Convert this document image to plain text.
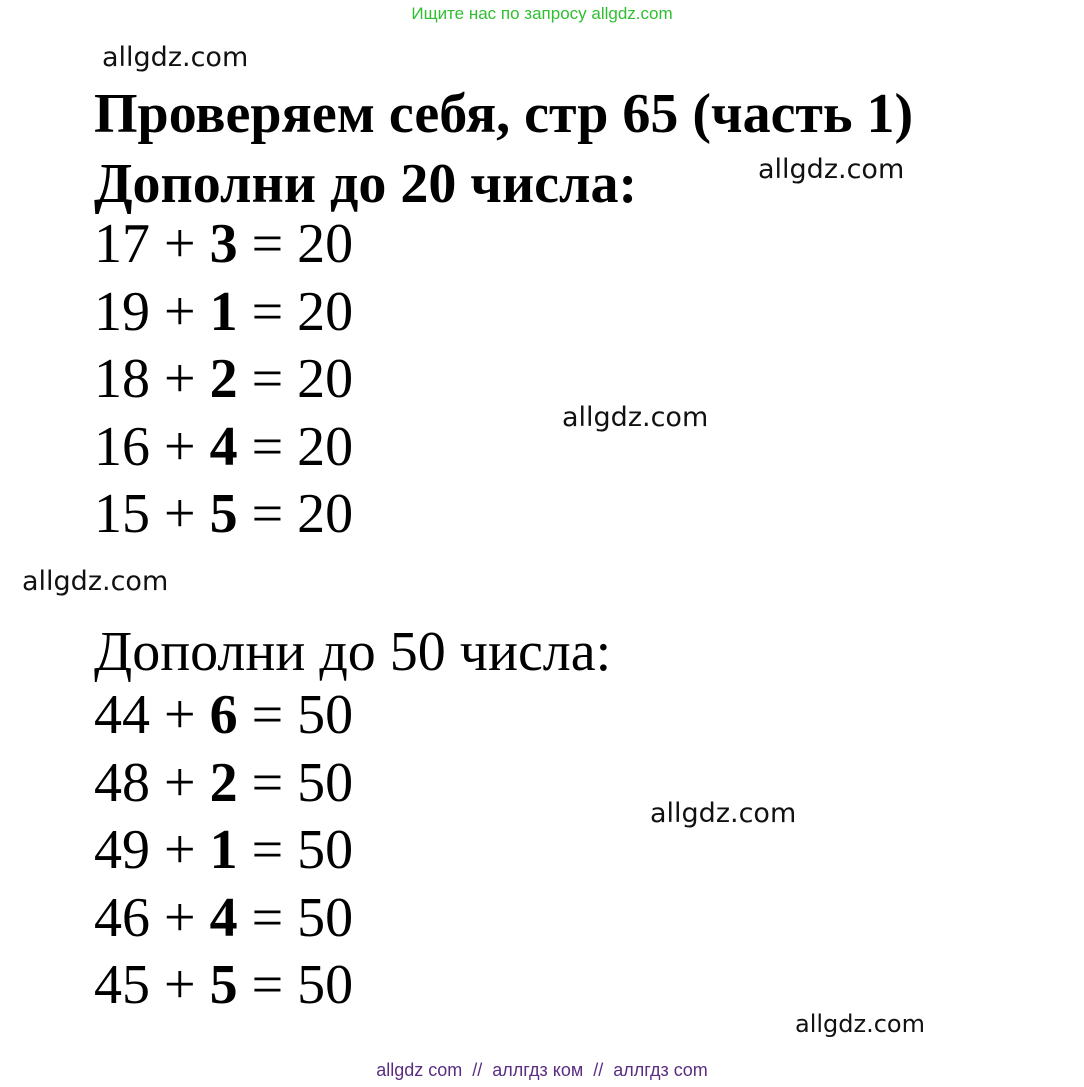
Ищите нас по запросу allgdz.com
allgdz.com
allgdz.com
allgdz.com
allgdz.com
allgdz.com
allgdz.com
Проверяем себя, стр 65 (часть 1)
Дополни до 20 числа:
17 + 3 = 20
19 + 1 = 20
18 + 2 = 20
16 + 4 = 20
15 + 5 = 20
Дополни до 50 числа:
44 + 6 = 50
48 + 2 = 50
49 + 1 = 50
46 + 4 = 50
45 + 5 = 50
allgdz com  //  аллгдз ком  //  аллгдз com
